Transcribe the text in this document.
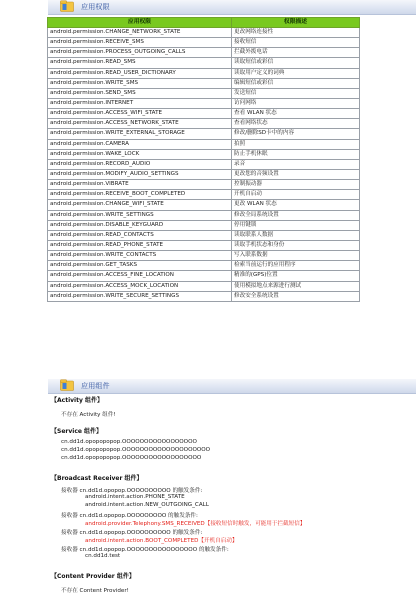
应用权限
应用权限	权限描述
android.permission.CHANGE_NETWORK_STATE	更改网络连接性
android.permission.RECEIVE_SMS	接收短信
android.permission.PROCESS_OUTGOING_CALLS	拦截外拨电话
android.permission.READ_SMS	读取短信或彩信
android.permission.READ_USER_DICTIONARY	读取用户定义的词典
android.permission.WRITE_SMS	编辑短信或彩信
android.permission.SEND_SMS	发送短信
android.permission.INTERNET	访问网络
android.permission.ACCESS_WIFI_STATE	查看 WLAN 状态
android.permission.ACCESS_NETWORK_STATE	查看网络状态
android.permission.WRITE_EXTERNAL_STORAGE	修改/删除SD卡中的内容
android.permission.CAMERA	拍照
android.permission.WAKE_LOCK	防止手机休眠
android.permission.RECORD_AUDIO	录音
android.permission.MODIFY_AUDIO_SETTINGS	更改您的音频设置
android.permission.VIBRATE	控制振动器
android.permission.RECEIVE_BOOT_COMPLETED	开机自启动
android.permission.CHANGE_WIFI_STATE	更改 WLAN 状态
android.permission.WRITE_SETTINGS	修改全局系统设置
android.permission.DISABLE_KEYGUARD	停用键锁
android.permission.READ_CONTACTS	读取联系人数据
android.permission.READ_PHONE_STATE	读取手机状态和身份
android.permission.WRITE_CONTACTS	写入联系数据
android.permission.GET_TASKS	检索当前运行的应用程序
android.permission.ACCESS_FINE_LOCATION	精准的(GPS)位置
android.permission.ACCESS_MOCK_LOCATION	使用模拟地点来源进行测试
android.permission.WRITE_SECURE_SETTINGS	修改安全系统设置
应用组件
【Activity 组件】
不存在 Activity 组件!
【Service 组件】
cn.dd1d.opopopopop.OOOOOOOOOOOOOOOOO
cn.dd1d.opopopopop.OOOOOOOOOOOOOOOOOOOO
cn.dd1d.opopopopop.OOOOOOOOOOOOOOOOOO
【Broadcast Receiver 组件】
接收器 cn.dd1d.opopop.OOOOOOOOOO 的触发条件:
android.intent.action.PHONE_STATE
android.intent.action.NEW_OUTGOING_CALL
接收器 cn.dd1d.opopop.OOOOOOOOO 的触发条件:
android.provider.Telephony.SMS_RECEIVED【接收短信时触发，可能用于拦截短信】
接收器 cn.dd1d.opopop.OOOOOOOOOO 的触发条件:
android.intent.action.BOOT_COMPLETED【开机自启动】
接收器 cn.dd1d.opopop.OOOOOOOOOOOOOOOO 的触发条件:
cn.dd1d.test
【Content Provider 组件】
不存在 Content Provider!
